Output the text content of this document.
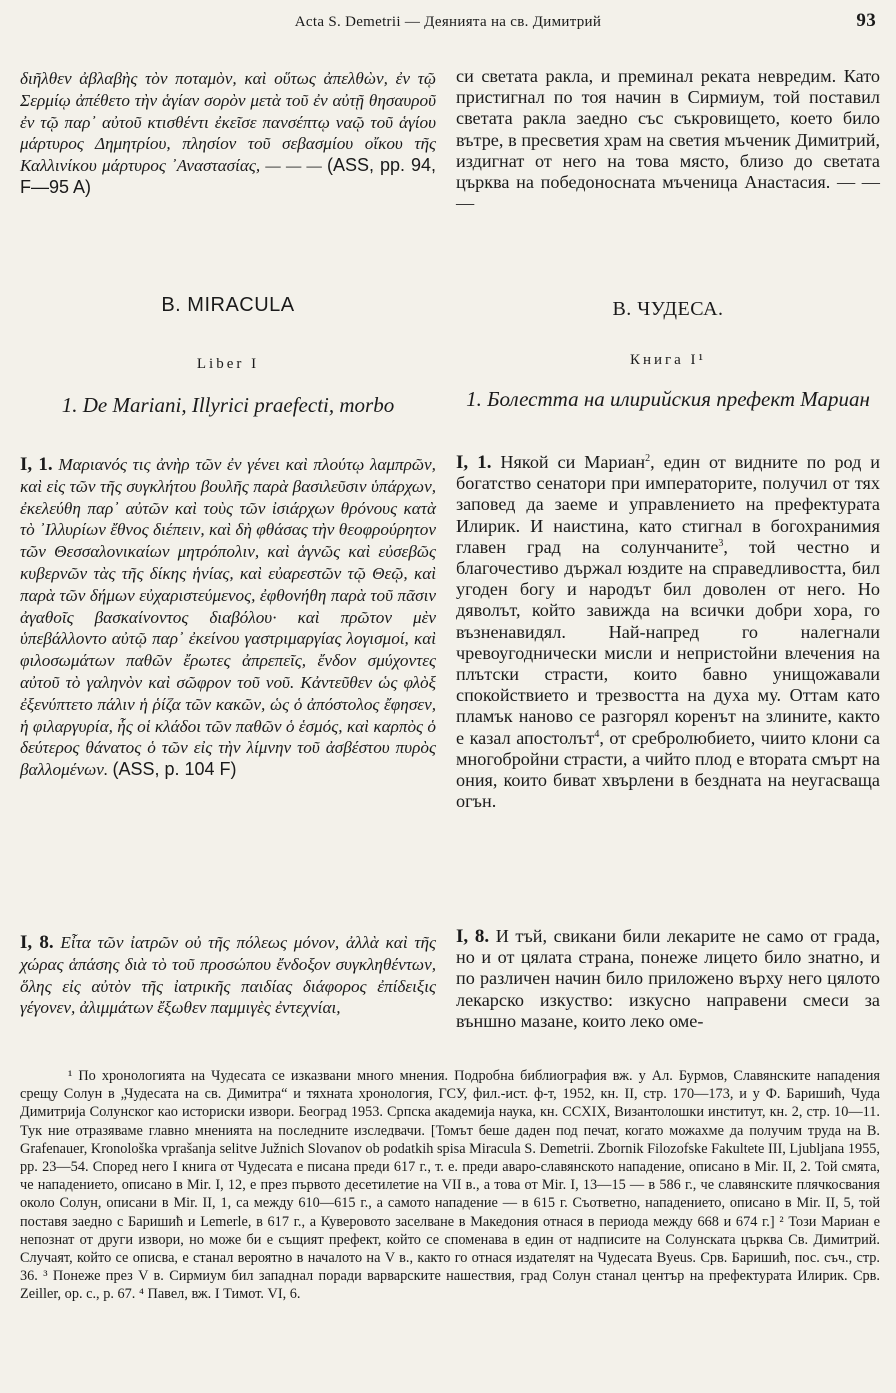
Acta S. Demetrii — Деянията на св. Димитрий	93

διῆλθεν ἀβλαβὴς τὸν ποταμὸν, καὶ οὕτως ἀπελθὼν, ἐν τῷ Σερμίῳ ἀπέθετο τὴν ἁγίαν σορὸν μετὰ τοῦ ἐν αὐτῇ θησαυροῦ ἐν τῷ παρ᾿ αὐτοῦ κτισθέντι ἐκεῖσε πανσέπτῳ ναῷ τοῦ ἁγίου μάρτυρος Δημητρίου, πλησίον τοῦ σεβασμίου οἴκου τῆς Καλλινίκου μάρτυρος ᾿Αναστασίας, — — — (ASS, pp. 94, F—95 A)

B. MIRACULA
Liber I
1. De Mariani, Illyrici praefecti, morbo

I, 1. Μαριανός τις ἀνὴρ τῶν ἐν γένει καὶ πλούτῳ λαμπρῶν, καὶ εἰς τῶν τῆς συγκλήτου βουλῆς παρὰ βασιλεῦσιν ὑπάρχων, ἐκελεύθη παρ᾿ αὐτῶν καὶ τοὺς τῶν ἰσιάρχων θρόνους κατὰ τὸ ᾿Ιλλυρίων ἔθνος διέπειν, καὶ δὴ φθάσας τὴν θεοφρούρητον τῶν Θεσσαλονικαίων μητρόπολιν, καὶ ἁγνῶς καὶ εὐσεβῶς κυβερνῶν τὰς τῆς δίκης ἡνίας, καὶ εὐαρεστῶν τῷ Θεῷ, καὶ παρὰ τῶν δήμων εὐχαριστεύμενος, ἐφθονήθη παρὰ τοῦ πᾶσιν ἀγαθοῖς βασκαίνοντος διαβόλου· καὶ πρῶτον μὲν ὑπεβάλλοντο αὐτῷ παρ᾿ ἐκείνου γαστριμαργίας λογισμοί, καὶ φιλοσωμάτων παθῶν ἔρωτες ἀπρεπεῖς, ἔνδον σμύχοντες αὐτοῦ τὸ γαληνὸν καὶ σῶφρον τοῦ νοῦ. Κἀντεῦθεν ὡς φλὸξ ἐξενύπτετο πάλιν ἡ ῥίζα τῶν κακῶν, ὡς ὁ ἀπόστολος ἔφησεν, ἡ φιλαργυρία, ἧς οἱ κλάδοι τῶν παθῶν ὁ ἑσμός, καὶ καρπὸς ὁ δεύτερος θάνατος ὁ τῶν εἰς τὴν λίμνην τοῦ ἀσβέστου πυρὸς βαλλομένων. (ASS, p. 104 F)

I, 8. Εἶτα τῶν ἰατρῶν οὐ τῆς πόλεως μόνον, ἀλλὰ καὶ τῆς χώρας ἁπάσης διὰ τὸ τοῦ προσώπου ἔνδοξον συγκληθέντων, ὅλης εἰς αὐτὸν τῆς ἰατρικῆς παιδίας διάφορος ἐπίδειξις γέγονεν, ἀλιμμάτων ἔξωθεν παμμιγὲς ἐντεχνίαι,

си светата ракла, и преминал реката невредим. Като пристигнал по тоя начин в Сирмиум, той поставил светата ракла заедно със съкровището, което било вътре, в пресветия храм на светия мъченик Димитрий, издигнат от него на това място, близо до светата църква на победоносната мъченица Анастасия. — — —

В. ЧУДЕСА.
Книга I¹
1. Болестта на илирийския префект Мариан

I, 1. Някой си Мариан$^2$, един от видните по род и богатство сенатори при императорите, получил от тях заповед да заеме и управлението на префектурата Илирик. И наистина, като стигнал в богохранимия главен град на солунчаните$^3$, той честно и благочестиво държал юздите на справедливостта, бил угоден богу и народът бил доволен от него. Но дяволът, който завижда на всички добри хора, го възненавидял. Най-напред го налегнали чревоугоднически мисли и непристойни влечения на плътски страсти, които бавно унищожавали спокойствието и трезвостта на духа му. Оттам като пламък наново се разгорял коренът на злините, както е казал апостолът$^4$, от сребролюбието, чиито клони са многобройни страсти, а чийто плод е втората смърт на ония, които биват хвърлени в бездната на неугасваща огън.

I, 8. И тъй, свикани били лекарите не само от града, но и от цялата страна, понеже лицето било знатно, и по различен начин било приложено върху него цялото лекарско изкуство: изкусно направени смеси за външно мазане, които леко оме-

¹ По хронологията на Чудесата се изказвани много мнения. Подробна библиография вж. у Ал. Бурмов, Славянските нападения срещу Солун в „Чудесата на св. Димитра“ и тяхната хронология, ГСУ, фил.-ист. ф-т, 1952, кн. II, стр. 170—173, и у Ф. Баришић, Чуда Димитрија Солунског као историски извори. Београд 1953. Српска академија наука, кн. CCXIX, Византолошки институт, кн. 2, стр. 10—11. Тук ние отразяваме главно мненията на последните изследвачи. [Томът беше даден под печат, когато можахме да получим труда на B. Grafenauer, Kronološka vprašanja selitve Južnich Slovanov ob podatkih spisa Miracula S. Demetrii. Zbornik Filozofske Fakultete III, Ljubljana 1955, pp. 23—54. Според него I книга от Чудесата е писана преди 617 г., т. е. преди аваро-славянското нападение, описано в Mir. II, 2. Той смята, че нападението, описано в Mir. I, 12, е през първото десетилетие на VII в., а това от Mir. I, 13—15 — в 586 г., че славянските плячкосвания около Солун, описани в Mir. II, 1, са между 610—615 г., а самото нападение — в 615 г. Съответно, нападението, описано в Mir. II, 5, той поставя заедно с Баришић и Lemerle, в 617 г., а Куверовото заселване в Македония отнася в периода между 668 и 674 г.] ² Този Мариан е непознат от други извори, но може би е същият префект, който се споменава в един от надписите на Солунската църква Св. Димитрий. Случаят, който се описва, е станал вероятно в началото на V в., както го отнася издателят на Чудесата Byeus. Срв. Баришић, пос. съч., стр. 36. ³ Понеже през V в. Сирмиум бил западнал поради варварските нашествия, град Солун станал център на префектурата Илирик. Срв. Zeiller, op. c., p. 67. ⁴ Павел, вж. I Тимот. VI, 6.
